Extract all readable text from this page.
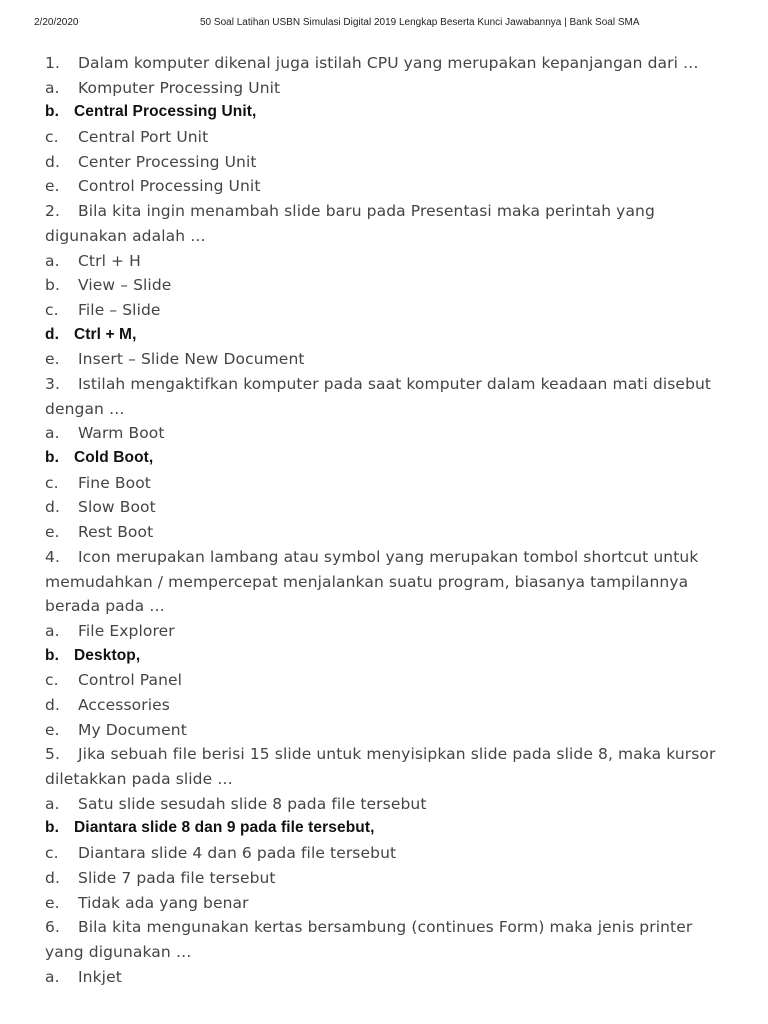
2/20/2020	50 Soal Latihan USBN Simulasi Digital 2019 Lengkap Beserta Kunci Jawabannya | Bank Soal SMA
1. Dalam komputer dikenal juga istilah CPU yang merupakan kepanjangan dari …
a. Komputer Processing Unit
b. Central Processing Unit,
c. Central Port Unit
d. Center Processing Unit
e. Control Processing Unit
2. Bila kita ingin menambah slide baru pada Presentasi maka perintah yang digunakan adalah …
a. Ctrl + H
b. View – Slide
c. File – Slide
d. Ctrl + M,
e. Insert – Slide New Document
3. Istilah mengaktifkan komputer pada saat komputer dalam keadaan mati disebut dengan …
a. Warm Boot
b. Cold Boot,
c. Fine Boot
d. Slow Boot
e. Rest Boot
4. Icon merupakan lambang atau symbol yang merupakan tombol shortcut untuk memudahkan / mempercepat menjalankan suatu program, biasanya tampilannya berada pada …
a. File Explorer
b. Desktop,
c. Control Panel
d. Accessories
e. My Document
5. Jika sebuah file berisi 15 slide untuk menyisipkan slide pada slide 8, maka kursor diletakkan pada slide …
a. Satu slide sesudah slide 8 pada file tersebut
b. Diantara slide 8 dan 9 pada file tersebut,
c. Diantara slide 4 dan 6 pada file tersebut
d. Slide 7 pada file tersebut
e. Tidak ada yang benar
6. Bila kita mengunakan kertas bersambung (continues Form) maka jenis printer yang digunakan …
a. Inkjet
